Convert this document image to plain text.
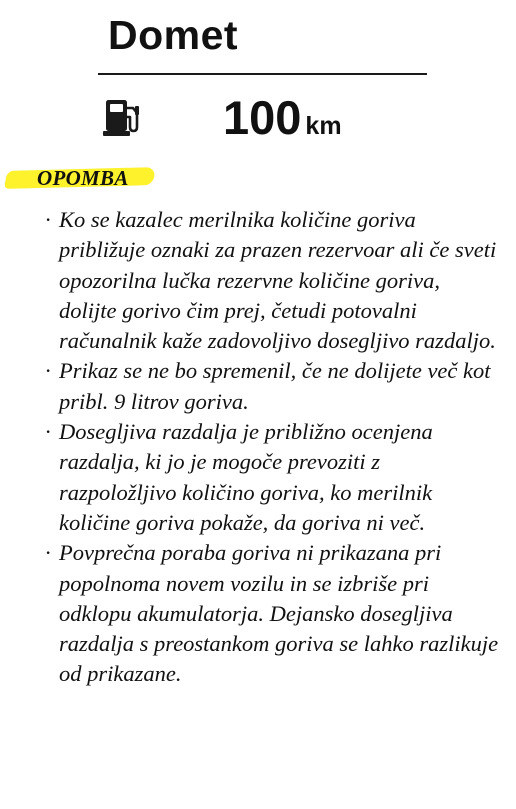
Domet
100 km
OPOMBA
· Ko se kazalec merilnika količine goriva približuje oznaki za prazen rezervoar ali če sveti opozorilna lučka rezervne količine goriva, dolijte gorivo čim prej, četudi potovalni računalnik kaže zadovoljivo dosegljivo razdaljo.
· Prikaz se ne bo spremenil, če ne dolijete več kot pribl. 9 litrov goriva.
· Dosegljiva razdalja je približno ocenjena razdalja, ki jo je mogoče prevoziti z razpoložljivo količino goriva, ko merilnik količine goriva pokaže, da goriva ni več.
· Povprečna poraba goriva ni prikazana pri popolnoma novem vozilu in se izbriše pri odklopu akumulatorja. Dejansko dosegljiva razdalja s preostankom goriva se lahko razlikuje od prikazane.
